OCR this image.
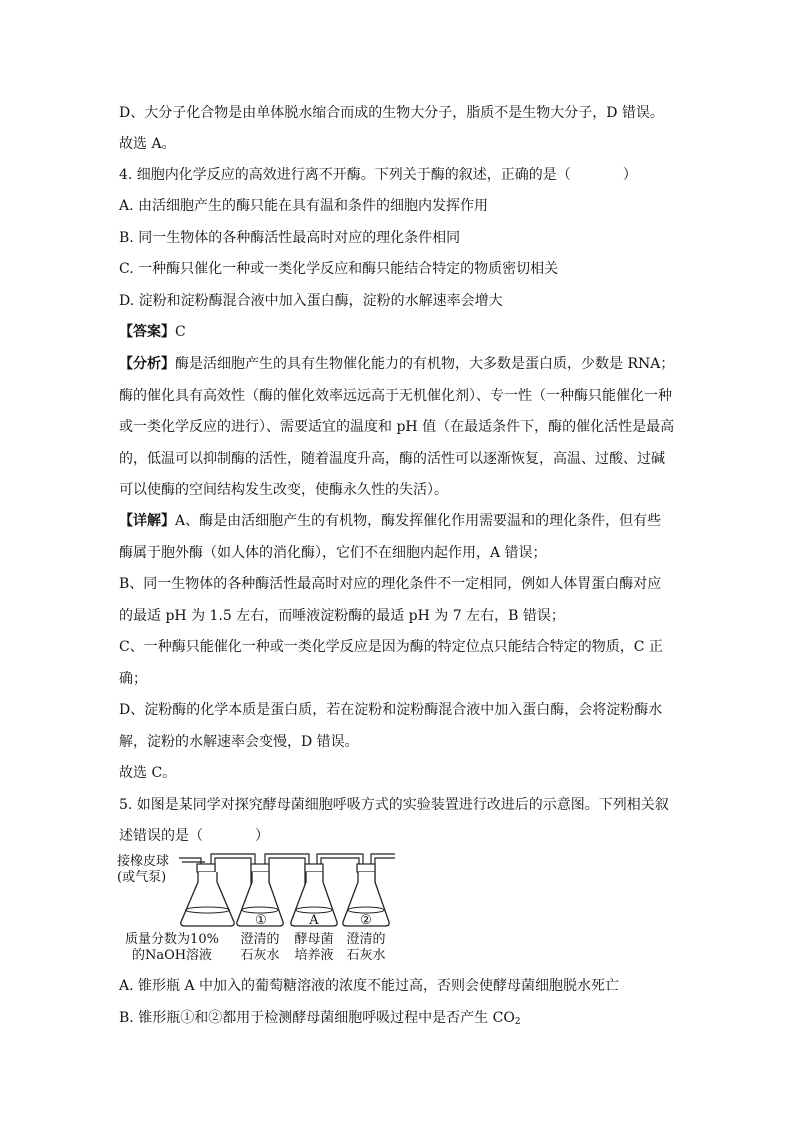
D、大分子化合物是由单体脱水缩合而成的生物大分子，脂质不是生物大分子，D 错误。
故选 A。
4. 细胞内化学反应的高效进行离不开酶。下列关于酶的叙述，正确的是（	）
A. 由活细胞产生的酶只能在具有温和条件的细胞内发挥作用
B. 同一生物体的各种酶活性最高时对应的理化条件相同
C. 一种酶只催化一种或一类化学反应和酶只能结合特定的物质密切相关
D. 淀粉和淀粉酶混合液中加入蛋白酶，淀粉的水解速率会增大
【答案】C
【分析】酶是活细胞产生的具有生物催化能力的有机物，大多数是蛋白质，少数是 RNA；
酶的催化具有高效性（酶的催化效率远远高于无机催化剂）、专一性（一种酶只能催化一种
或一类化学反应的进行）、需要适宜的温度和 pH 值（在最适条件下，酶的催化活性是最高
的，低温可以抑制酶的活性，随着温度升高，酶的活性可以逐渐恢复，高温、过酸、过碱
可以使酶的空间结构发生改变，使酶永久性的失活）。
【详解】A、酶是由活细胞产生的有机物，酶发挥催化作用需要温和的理化条件，但有些
酶属于胞外酶（如人体的消化酶），它们不在细胞内起作用，A 错误；
B、同一生物体的各种酶活性最高时对应的理化条件不一定相同，例如人体胃蛋白酶对应
的最适 pH 为 1.5 左右，而唾液淀粉酶的最适 pH 为 7 左右，B 错误；
C、一种酶只能催化一种或一类化学反应是因为酶的特定位点只能结合特定的物质，C 正
确；
D、淀粉酶的化学本质是蛋白质，若在淀粉和淀粉酶混合液中加入蛋白酶，会将淀粉酶水
解，淀粉的水解速率会变慢，D 错误。
故选 C。
5. 如图是某同学对探究酵母菌细胞呼吸方式的实验装置进行改进后的示意图。下列相关叙
述错误的是（	）
接橡皮球
(或气泵)
①	A	②
质量分数为10%
的NaOH溶液
澄清的
石灰水
酵母菌
培养液
澄清的
石灰水
A. 锥形瓶 A 中加入的葡萄糖溶液的浓度不能过高，否则会使酵母菌细胞脱水死亡
B. 锥形瓶①和②都用于检测酵母菌细胞呼吸过程中是否产生 $CO_2$
